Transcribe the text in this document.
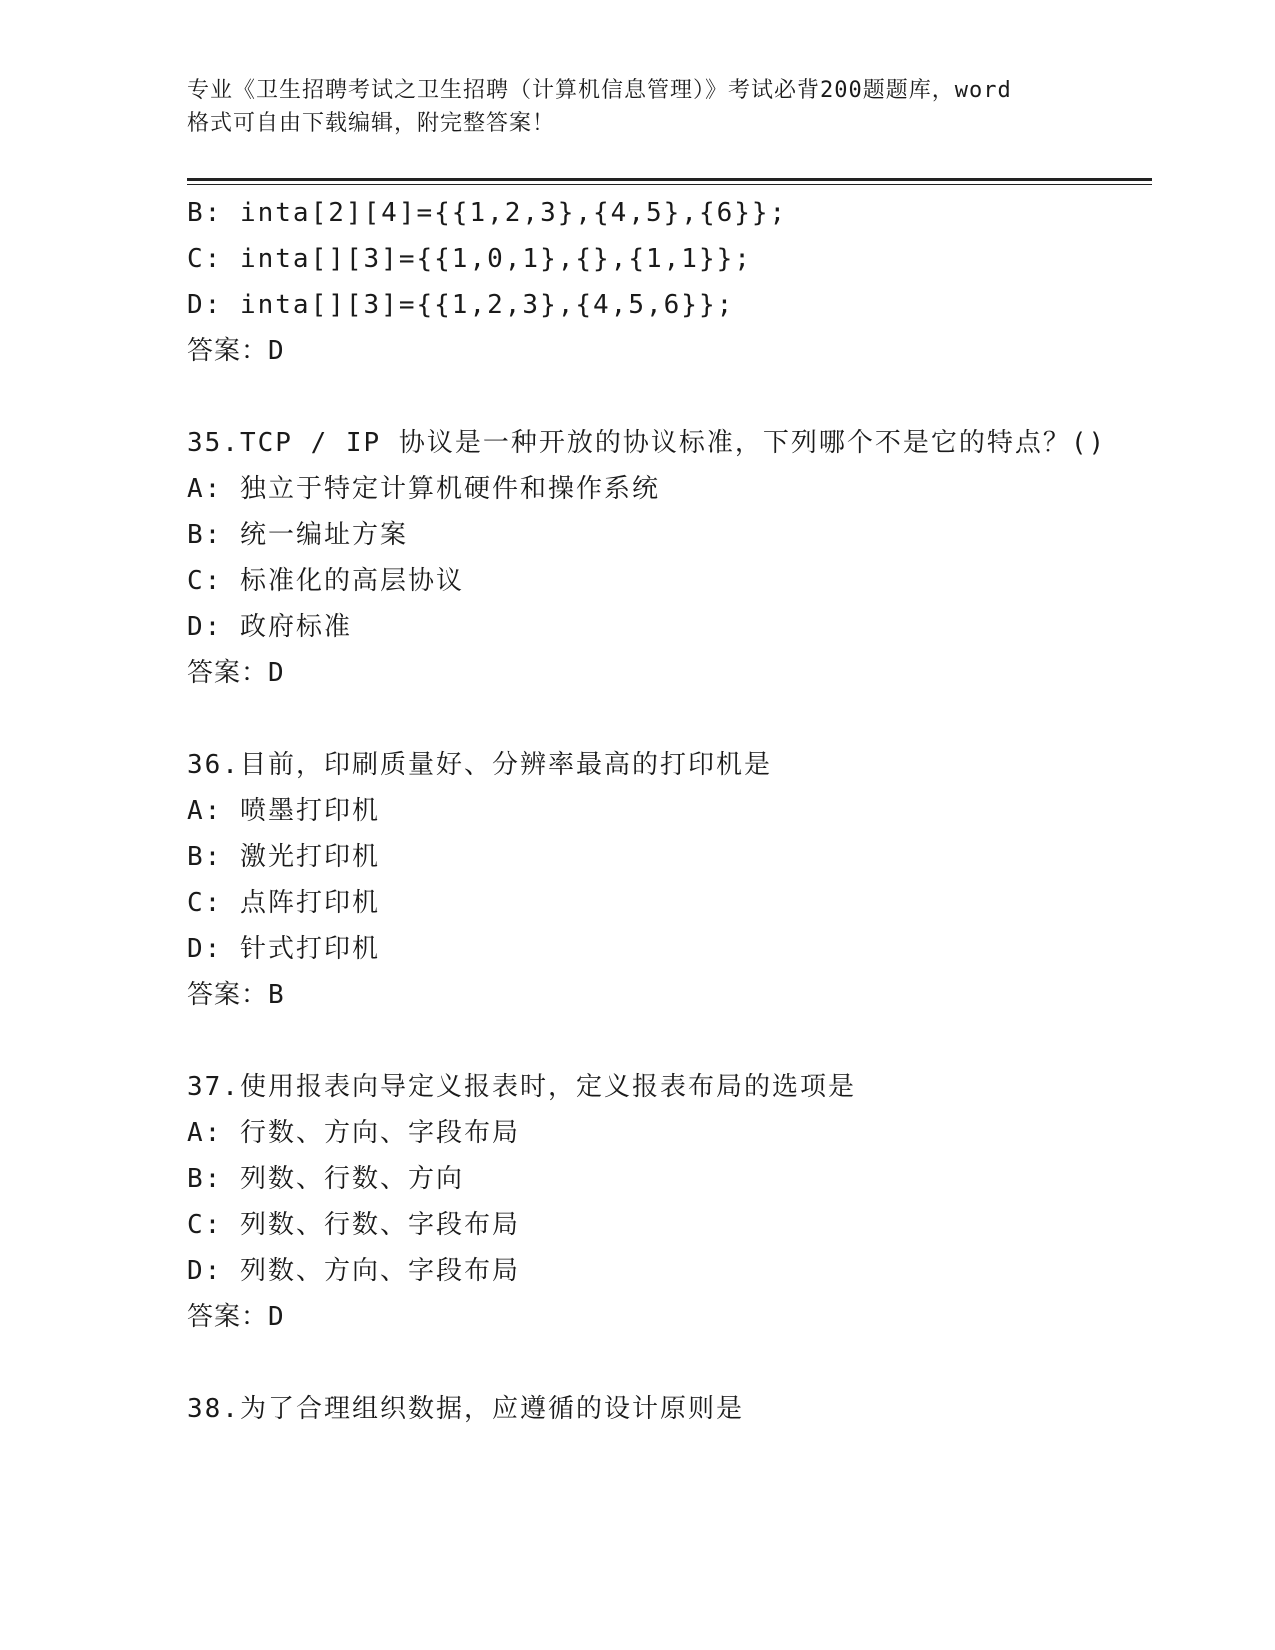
专业《卫生招聘考试之卫生招聘（计算机信息管理）》考试必背200题题库，word
格式可自由下载编辑，附完整答案！
B: inta[2][4]={{1,2,3},{4,5},{6}};
C: inta[][3]={{1,0,1},{},{1,1}};
D: inta[][3]={{1,2,3},{4,5,6}};
答案：D
35.TCP / IP 协议是一种开放的协议标准，下列哪个不是它的特点？()
A: 独立于特定计算机硬件和操作系统
B: 统一编址方案
C: 标准化的高层协议
D: 政府标准
答案：D
36.目前，印刷质量好、分辨率最高的打印机是
A: 喷墨打印机
B: 激光打印机
C: 点阵打印机
D: 针式打印机
答案：B
37.使用报表向导定义报表时，定义报表布局的选项是
A: 行数、方向、字段布局
B: 列数、行数、方向
C: 列数、行数、字段布局
D: 列数、方向、字段布局
答案：D
38.为了合理组织数据，应遵循的设计原则是
